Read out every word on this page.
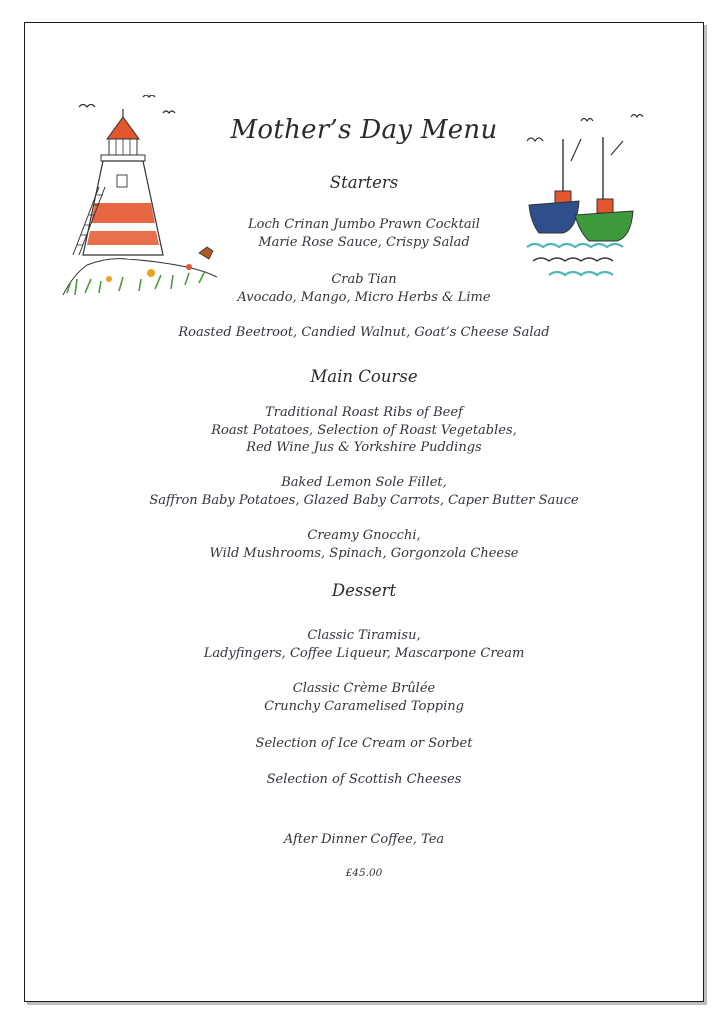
Mother’s Day Menu
Starters
Loch Crinan Jumbo Prawn Cocktail
Marie Rose Sauce, Crispy Salad
Crab Tian
Avocado, Mango, Micro Herbs & Lime
Roasted Beetroot, Candied Walnut, Goat’s Cheese Salad
Main Course
Traditional Roast Ribs of Beef
Roast Potatoes, Selection of Roast Vegetables,
Red Wine Jus & Yorkshire Puddings
Baked Lemon Sole Fillet,
Saffron Baby Potatoes, Glazed Baby Carrots, Caper Butter Sauce
Creamy Gnocchi,
Wild Mushrooms, Spinach, Gorgonzola Cheese
Dessert
Classic Tiramisu,
Ladyfingers, Coffee Liqueur, Mascarpone Cream
Classic Crème Brûlée
Crunchy Caramelised Topping
Selection of Ice Cream or Sorbet
Selection of Scottish Cheeses
After Dinner Coffee, Tea
£45.00
